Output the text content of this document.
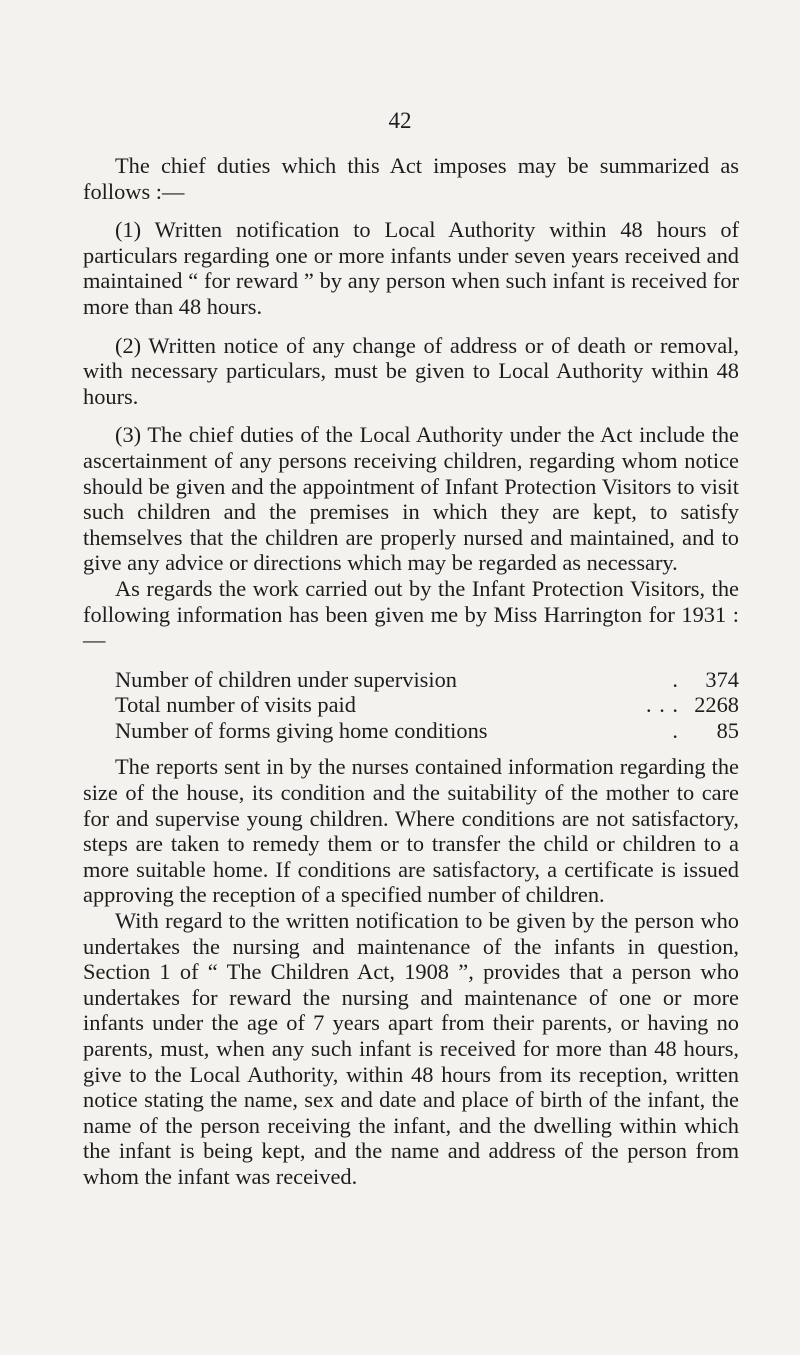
42

The chief duties which this Act imposes may be summarized as follows :—

(1) Written notification to Local Authority within 48 hours of particulars regarding one or more infants under seven years received and maintained “ for reward ” by any person when such infant is received for more than 48 hours.

(2) Written notice of any change of address or of death or removal, with necessary particulars, must be given to Local Authority within 48 hours.

(3) The chief duties of the Local Authority under the Act include the ascertainment of any persons receiving children, regarding whom notice should be given and the appointment of Infant Protection Visitors to visit such children and the premises in which they are kept, to satisfy themselves that the children are properly nursed and maintained, and to give any advice or directions which may be regarded as necessary.

As regards the work carried out by the Infant Protection Visitors, the following information has been given me by Miss Harrington for 1931 :—

Number of children under supervision	.	374
Total number of visits paid	. . . 2268
Number of forms giving home conditions	.	85

The reports sent in by the nurses contained information regarding the size of the house, its condition and the suitability of the mother to care for and supervise young children. Where conditions are not satisfactory, steps are taken to remedy them or to transfer the child or children to a more suitable home. If conditions are satisfactory, a certificate is issued approving the reception of a specified number of children.

With regard to the written notification to be given by the person who undertakes the nursing and maintenance of the infants in question, Section 1 of “ The Children Act, 1908 ”, provides that a person who undertakes for reward the nursing and maintenance of one or more infants under the age of 7 years apart from their parents, or having no parents, must, when any such infant is received for more than 48 hours, give to the Local Authority, within 48 hours from its reception, written notice stating the name, sex and date and place of birth of the infant, the name of the person receiving the infant, and the dwelling within which the infant is being kept, and the name and address of the person from whom the infant was received.
